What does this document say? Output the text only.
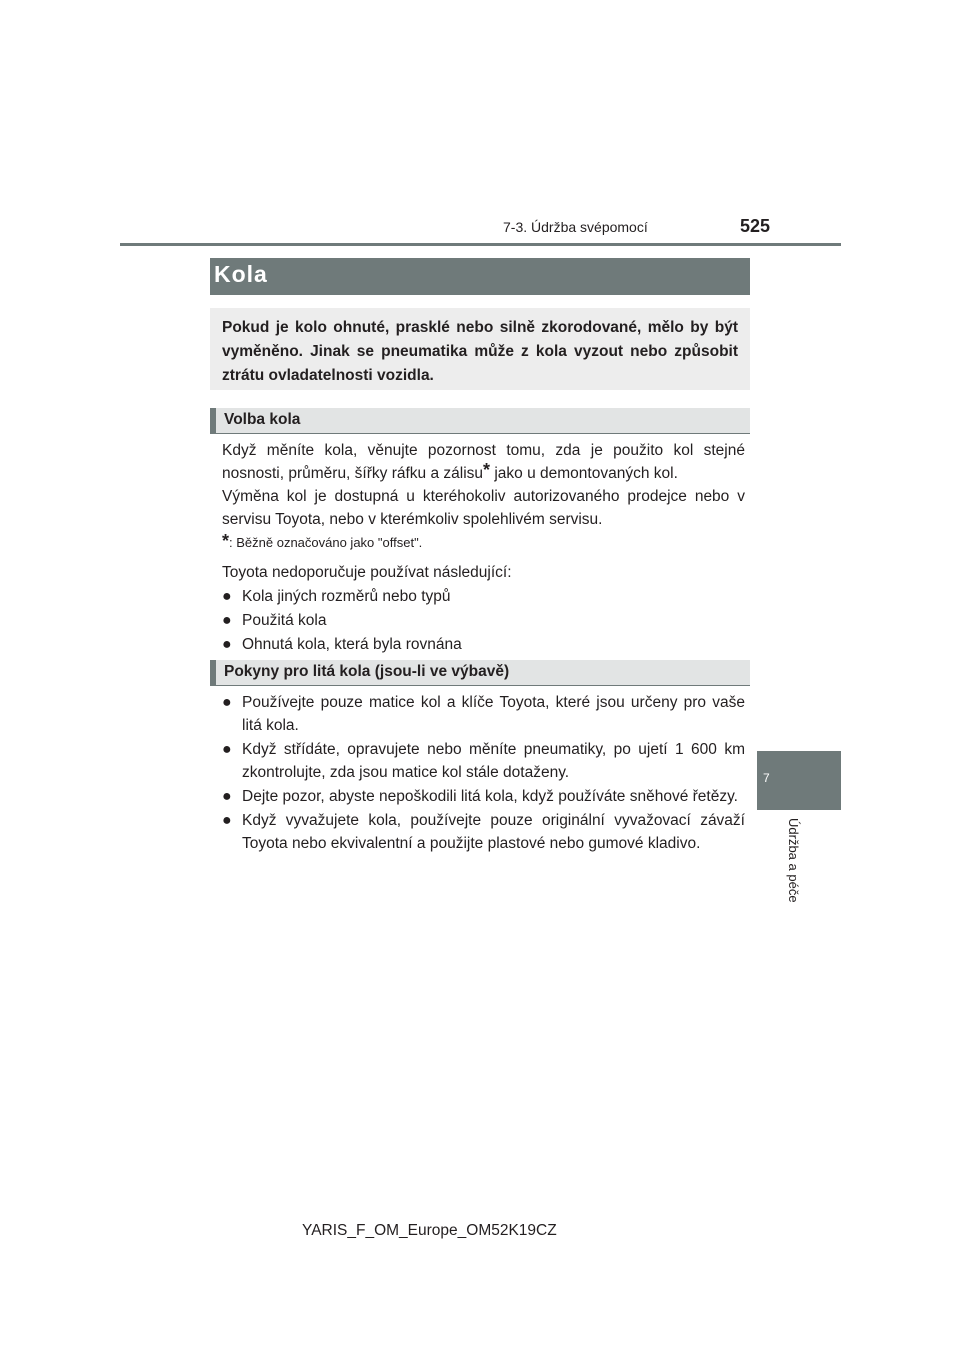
7-3. Údržba svépomocí	525
7
Údržba a péče
Kola

Pokud je kolo ohnuté, prasklé nebo silně zkorodované, mělo by být vyměněno. Jinak se pneumatika může z kola vyzout nebo způsobit ztrátu ovladatelnosti vozidla.

Volba kola

Když měníte kola, věnujte pozornost tomu, zda je použito kol stejné nosnosti, průměru, šířky ráfku a zálisu* jako u demontovaných kol.

Výměna kol je dostupná u kteréhokoliv autorizovaného prodejce nebo v servisu Toyota, nebo v kterémkoliv spolehlivém servisu.

*: Běžně označováno jako "offset".

Toyota nedoporučuje používat následující:

● Kola jiných rozměrů nebo typů

● Použitá kola

● Ohnutá kola, která byla rovnána

Pokyny pro litá kola (jsou-li ve výbavě)

● Používejte pouze matice kol a klíče Toyota, které jsou určeny pro vaše litá kola.

● Když střídáte, opravujete nebo měníte pneumatiky, po ujetí 1 600 km zkontrolujte, zda jsou matice kol stále dotaženy.

● Dejte pozor, abyste nepoškodili litá kola, když používáte sněhové řetězy.

● Když vyvažujete kola, používejte pouze originální vyvažovací závaží Toyota nebo ekvivalentní a použijte plastové nebo gumové kladivo.

YARIS_F_OM_Europe_OM52K19CZ
